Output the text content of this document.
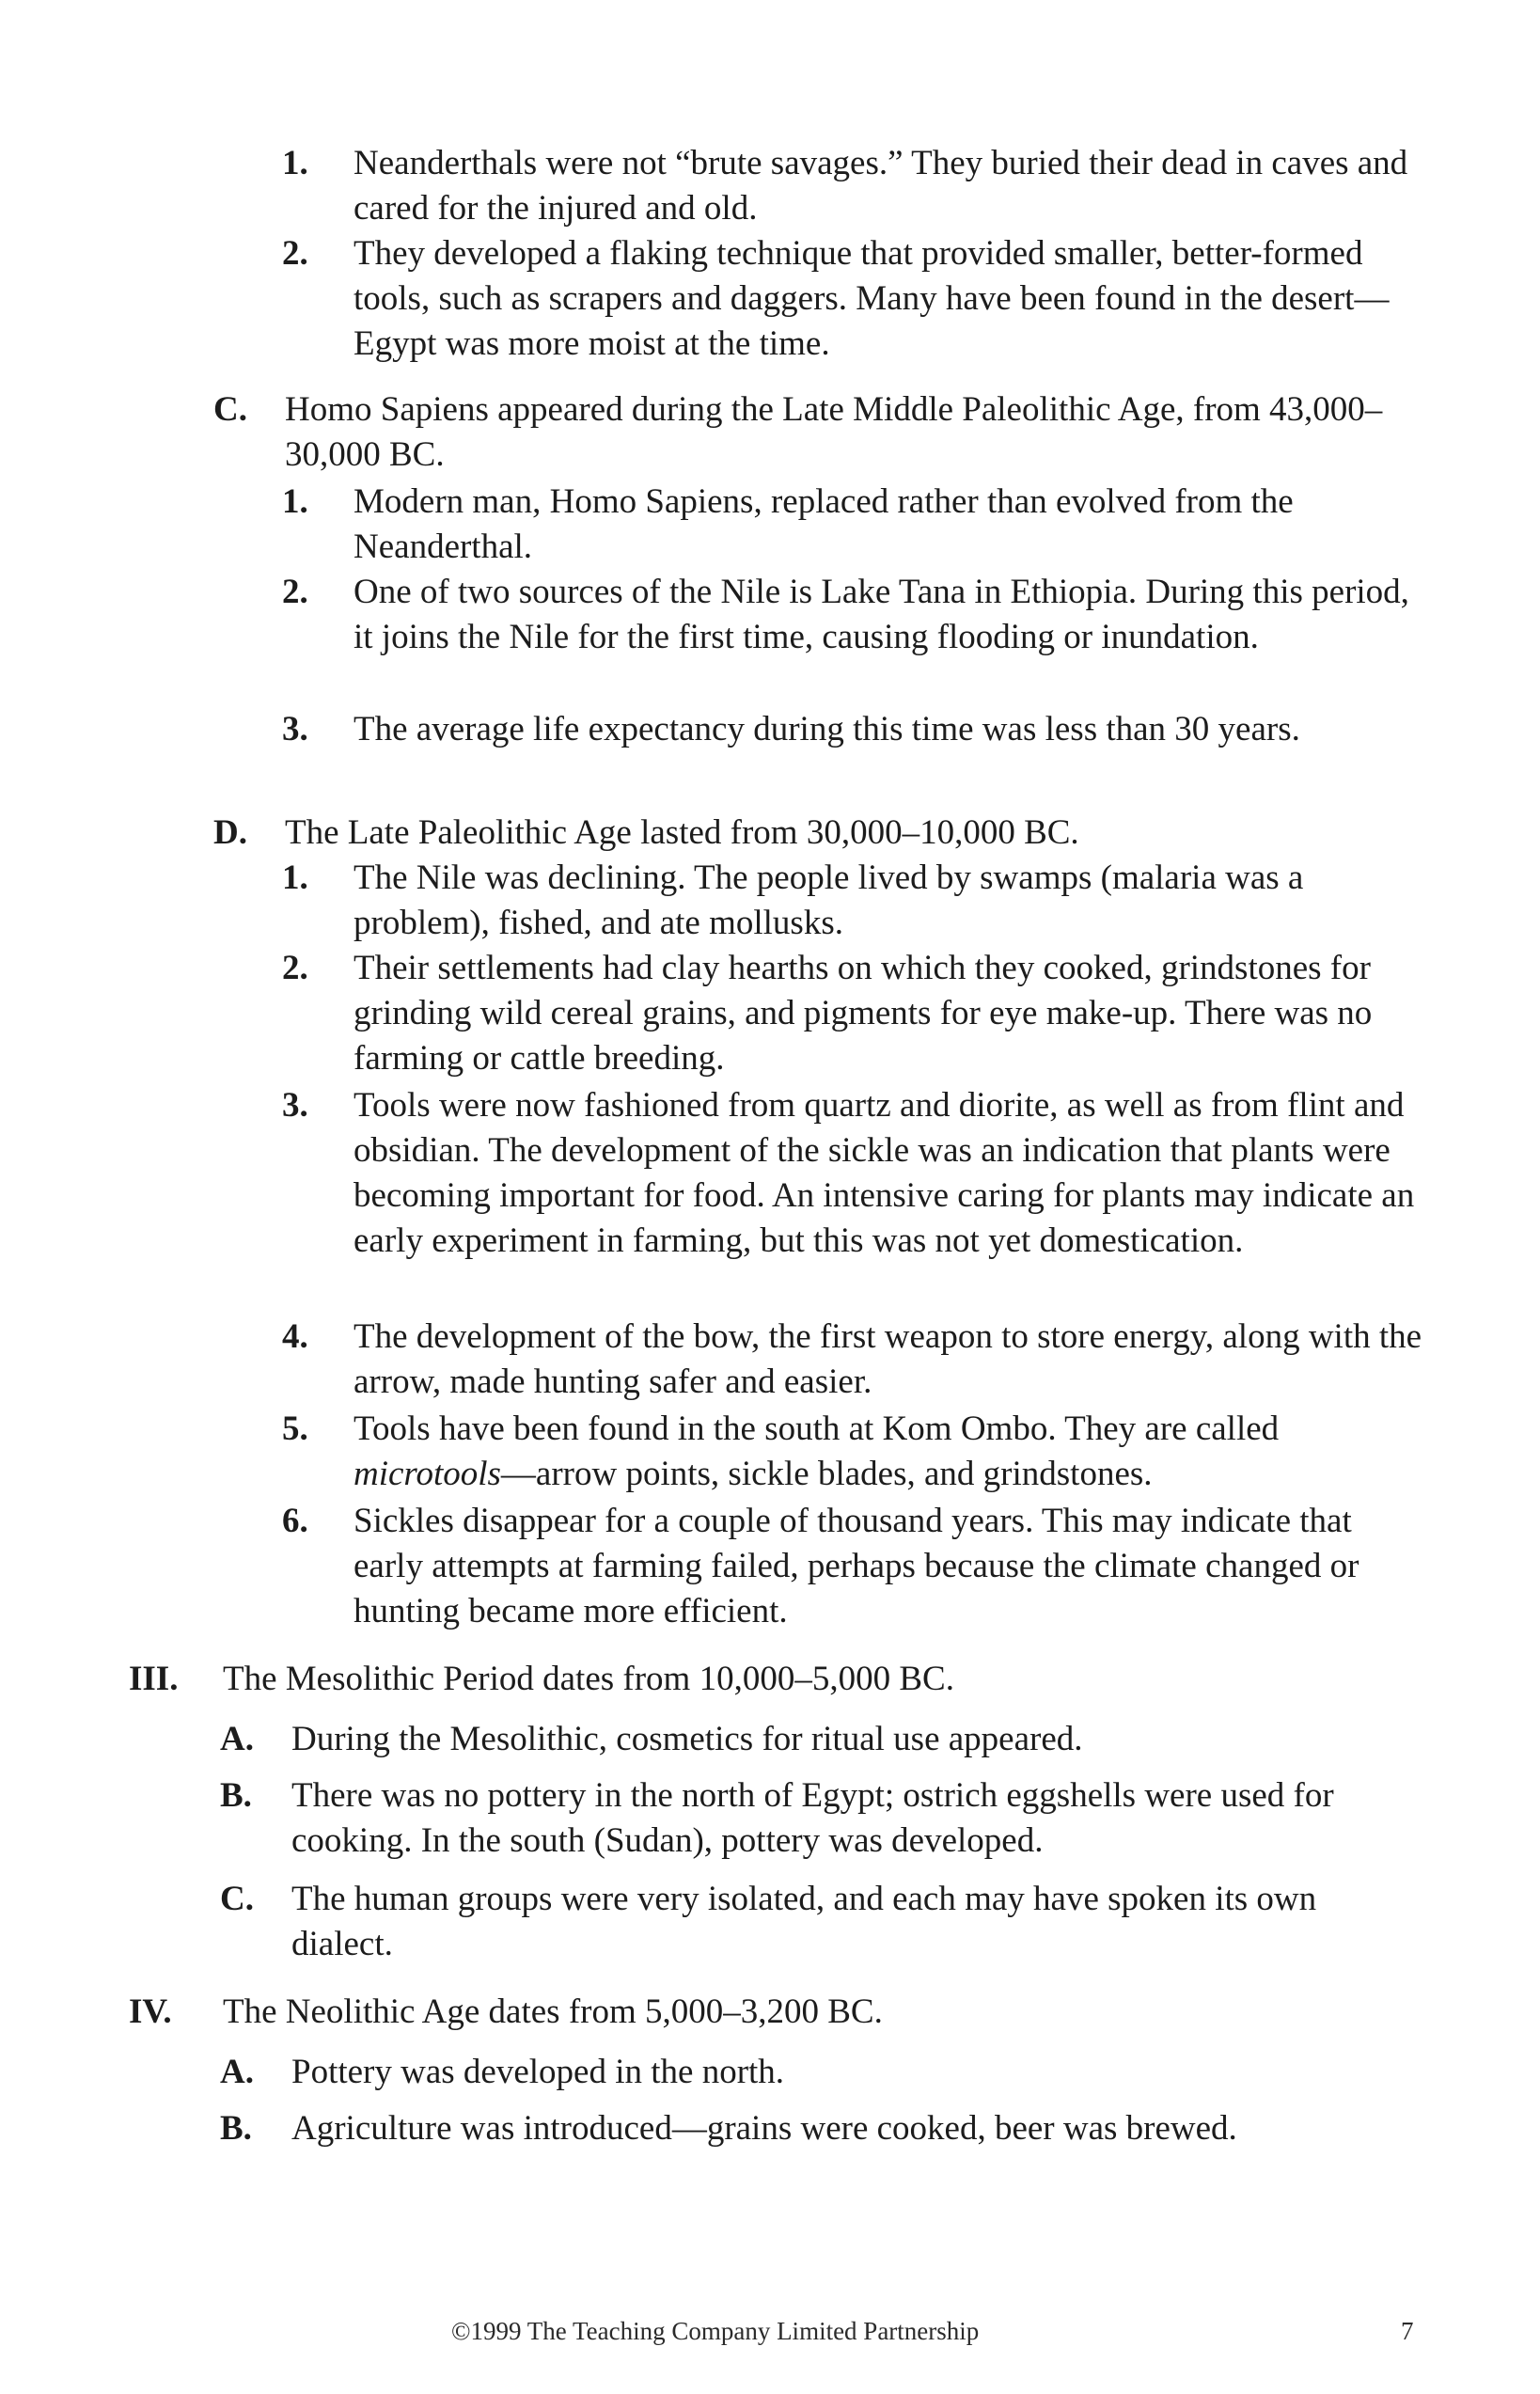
1. Neanderthals were not “brute savages.” They buried their dead in caves and cared for the injured and old.
2. They developed a flaking technique that provided smaller, better-formed tools, such as scrapers and daggers. Many have been found in the desert—Egypt was more moist at the time.
C. Homo Sapiens appeared during the Late Middle Paleolithic Age, from 43,000–30,000 BC.
1. Modern man, Homo Sapiens, replaced rather than evolved from the Neanderthal.
2. One of two sources of the Nile is Lake Tana in Ethiopia. During this period, it joins the Nile for the first time, causing flooding or inundation.
3. The average life expectancy during this time was less than 30 years.
D. The Late Paleolithic Age lasted from 30,000–10,000 BC.
1. The Nile was declining. The people lived by swamps (malaria was a problem), fished, and ate mollusks.
2. Their settlements had clay hearths on which they cooked, grindstones for grinding wild cereal grains, and pigments for eye make-up. There was no farming or cattle breeding.
3. Tools were now fashioned from quartz and diorite, as well as from flint and obsidian. The development of the sickle was an indication that plants were becoming important for food. An intensive caring for plants may indicate an early experiment in farming, but this was not yet domestication.
4. The development of the bow, the first weapon to store energy, along with the arrow, made hunting safer and easier.
5. Tools have been found in the south at Kom Ombo. They are called microtools—arrow points, sickle blades, and grindstones.
6. Sickles disappear for a couple of thousand years. This may indicate that early attempts at farming failed, perhaps because the climate changed or hunting became more efficient.
III. The Mesolithic Period dates from 10,000–5,000 BC.
A. During the Mesolithic, cosmetics for ritual use appeared.
B. There was no pottery in the north of Egypt; ostrich eggshells were used for cooking. In the south (Sudan), pottery was developed.
C. The human groups were very isolated, and each may have spoken its own dialect.
IV. The Neolithic Age dates from 5,000–3,200 BC.
A. Pottery was developed in the north.
B. Agriculture was introduced—grains were cooked, beer was brewed.
©1999 The Teaching Company Limited Partnership	7
